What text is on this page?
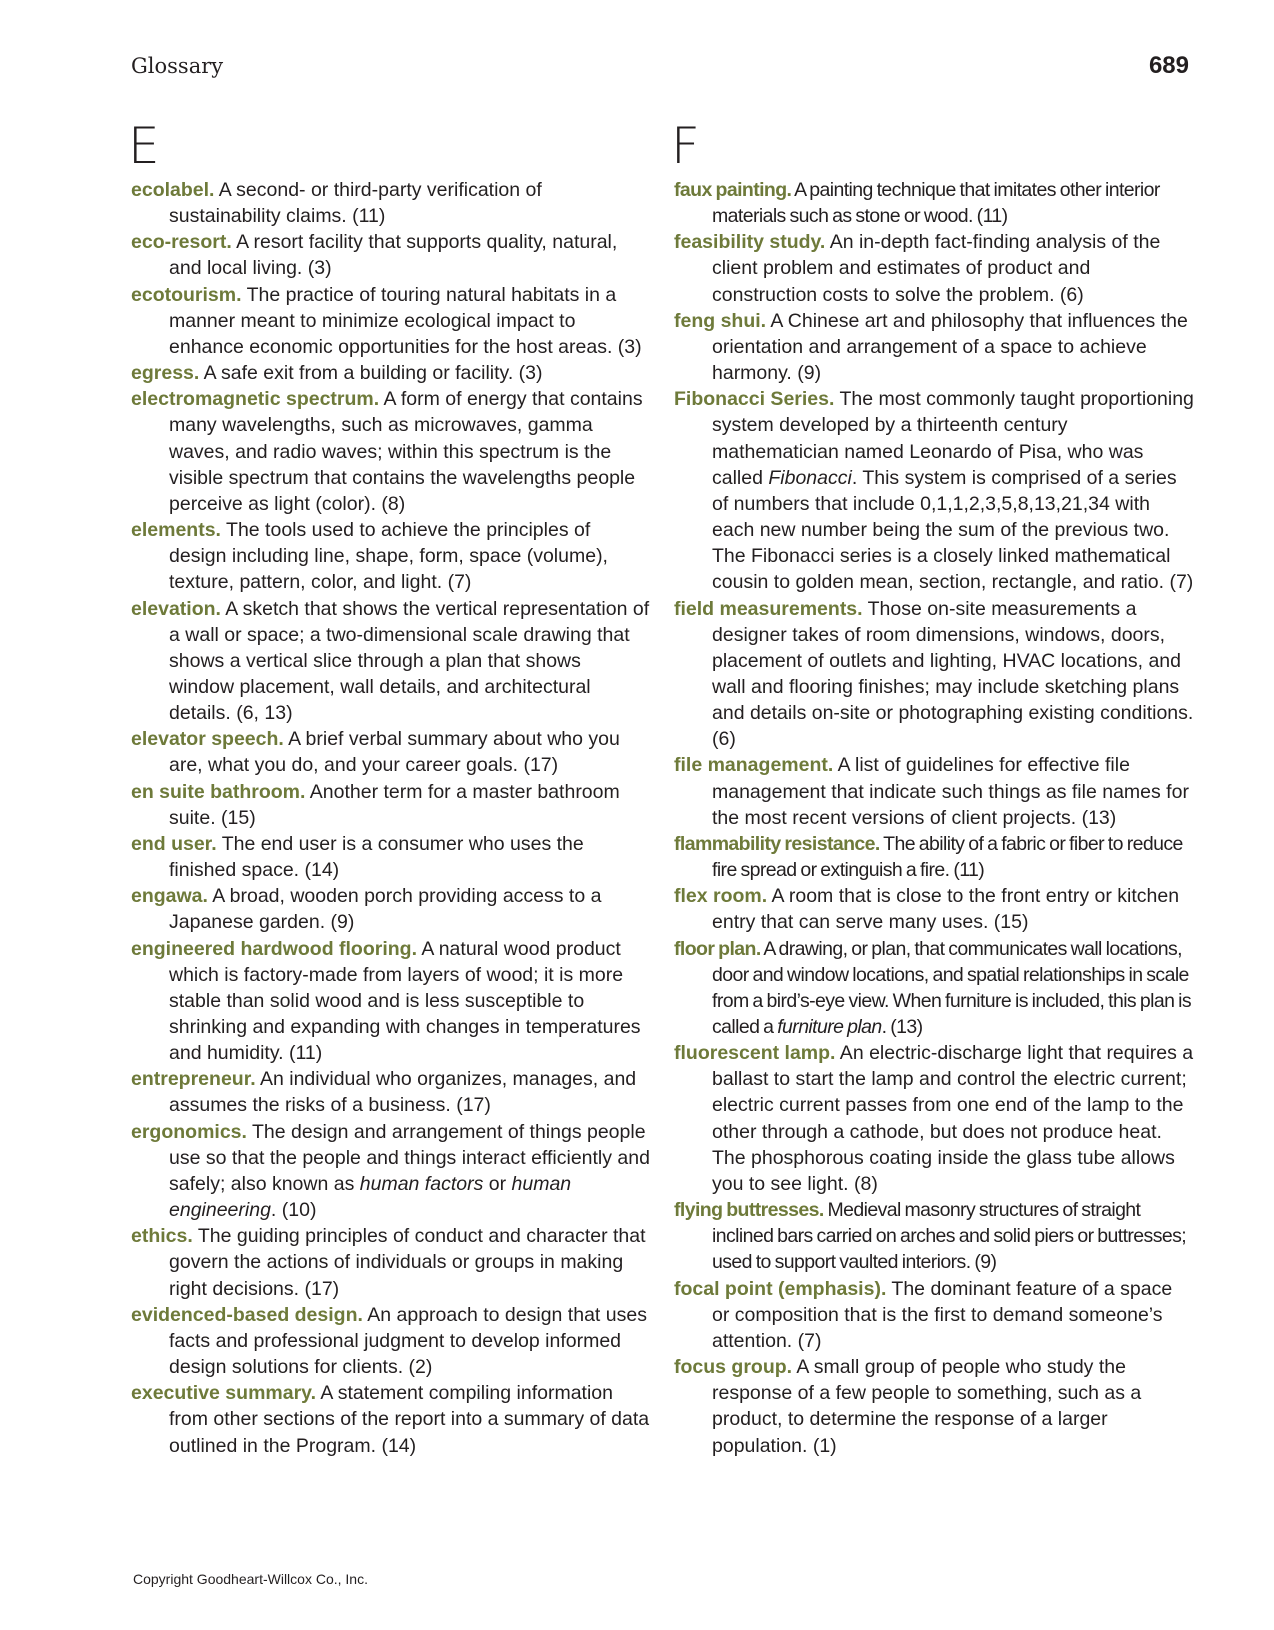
Glossary	689
E

ecolabel. A second- or third-party verification of sustainability claims. (11)

eco-resort. A resort facility that supports quality, natural, and local living. (3)

ecotourism. The practice of touring natural habitats in a manner meant to minimize ecological impact to enhance economic opportunities for the host areas. (3)

egress. A safe exit from a building or facility. (3)

electromagnetic spectrum. A form of energy that contains many wavelengths, such as microwaves, gamma waves, and radio waves; within this spectrum is the visible spectrum that contains the wavelengths people perceive as light (color). (8)

elements. The tools used to achieve the principles of design including line, shape, form, space (volume), texture, pattern, color, and light. (7)

elevation. A sketch that shows the vertical representation of a wall or space; a two-dimensional scale drawing that shows a vertical slice through a plan that shows window placement, wall details, and architectural details. (6, 13)

elevator speech. A brief verbal summary about who you are, what you do, and your career goals. (17)

en suite bathroom. Another term for a master bathroom suite. (15)

end user. The end user is a consumer who uses the finished space. (14)

engawa. A broad, wooden porch providing access to a Japanese garden. (9)

engineered hardwood flooring. A natural wood product which is factory-made from layers of wood; it is more stable than solid wood and is less susceptible to shrinking and expanding with changes in temperatures and humidity. (11)

entrepreneur. An individual who organizes, manages, and assumes the risks of a business. (17)

ergonomics. The design and arrangement of things people use so that the people and things interact efficiently and safely; also known as human factors or human engineering. (10)

ethics. The guiding principles of conduct and character that govern the actions of individuals or groups in making right decisions. (17)

evidenced-based design. An approach to design that uses facts and professional judgment to develop informed design solutions for clients. (2)

executive summary. A statement compiling information from other sections of the report into a summary of data outlined in the Program. (14)

F

faux painting. A painting technique that imitates other interior materials such as stone or wood. (11)

feasibility study. An in-depth fact-finding analysis of the client problem and estimates of product and construction costs to solve the problem. (6)

feng shui. A Chinese art and philosophy that influences the orientation and arrangement of a space to achieve harmony. (9)

Fibonacci Series. The most commonly taught proportioning system developed by a thirteenth century mathematician named Leonardo of Pisa, who was called Fibonacci. This system is comprised of a series of numbers that include 0,1,1,2,3,5,8,13,21,34 with each new number being the sum of the previous two. The Fibonacci series is a closely linked mathematical cousin to golden mean, section, rectangle, and ratio. (7)

field measurements. Those on-site measurements a designer takes of room dimensions, windows, doors, placement of outlets and lighting, HVAC locations, and wall and flooring finishes; may include sketching plans and details on-site or photographing existing conditions. (6)

file management. A list of guidelines for effective file management that indicate such things as file names for the most recent versions of client projects. (13)

flammability resistance. The ability of a fabric or fiber to reduce fire spread or extinguish a fire. (11)

flex room. A room that is close to the front entry or kitchen entry that can serve many uses. (15)

floor plan. A drawing, or plan, that communicates wall locations, door and window locations, and spatial relationships in scale from a bird’s-eye view. When furniture is included, this plan is called a furniture plan. (13)

fluorescent lamp. An electric-discharge light that requires a ballast to start the lamp and control the electric current; electric current passes from one end of the lamp to the other through a cathode, but does not produce heat. The phosphorous coating inside the glass tube allows you to see light. (8)

flying buttresses. Medieval masonry structures of straight inclined bars carried on arches and solid piers or buttresses; used to support vaulted interiors. (9)

focal point (emphasis). The dominant feature of a space or composition that is the first to demand someone’s attention. (7)

focus group. A small group of people who study the response of a few people to something, such as a product, to determine the response of a larger population. (1)

Copyright Goodheart-Willcox Co., Inc.
